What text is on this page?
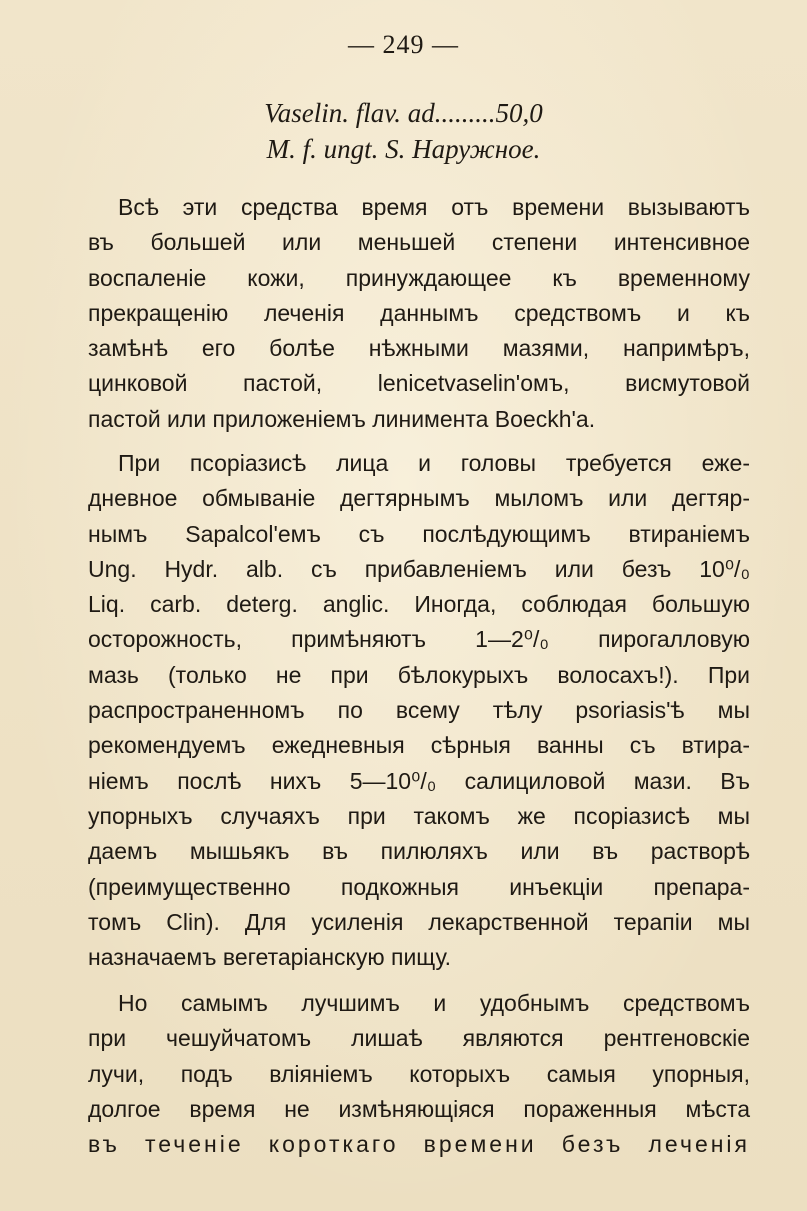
— 249 —
Vaselin. flav. ad.........50,0
M. f. ungt. S. Наружное.
Всѣ эти средства время отъ времени вызываютъ
въ большей или меньшей степени интенсивное
воспаленіе кожи, принуждающее къ временному
прекращенію леченія даннымъ средствомъ и къ
замѣнѣ его болѣе нѣжными мазями, напримѣръ,
цинковой пастой, lenicetvaselin'омъ, висмутовой
пастой или приложеніемъ линимента Boeckh'a.
При псоріазисѣ лица и головы требуется еже-
дневное обмываніе дегтярнымъ мыломъ или дегтяр-
нымъ Sapalcol'емъ съ послѣдующимъ втираніемъ
Ung. Hydr. alb. съ прибавленіемъ или безъ 10⁰/₀
Liq. carb. deterg. anglic. Иногда, соблюдая большую
осторожность, примѣняютъ 1—2⁰/₀ пирогалловую
мазь (только не при бѣлокурыхъ волосахъ!). При
распространенномъ по всему тѣлу psoriasis'ѣ мы
рекомендуемъ ежедневныя сѣрныя ванны съ втира-
ніемъ послѣ нихъ 5—10⁰/₀ салициловой мази. Въ
упорныхъ случаяхъ при такомъ же псоріазисѣ мы
даемъ мышьякъ въ пилюляхъ или въ растворѣ
(преимущественно подкожныя инъекціи препара-
томъ Clin). Для усиленія лекарственной терапіи мы
назначаемъ вегетаріанскую пищу.
Но самымъ лучшимъ и удобнымъ средствомъ
при чешуйчатомъ лишаѣ являются рентгеновскіе
лучи, подъ вліяніемъ которыхъ самыя упорныя,
долгое время не измѣняющіяся пораженныя мѣста
въ теченіе короткаго времени безъ леченія
